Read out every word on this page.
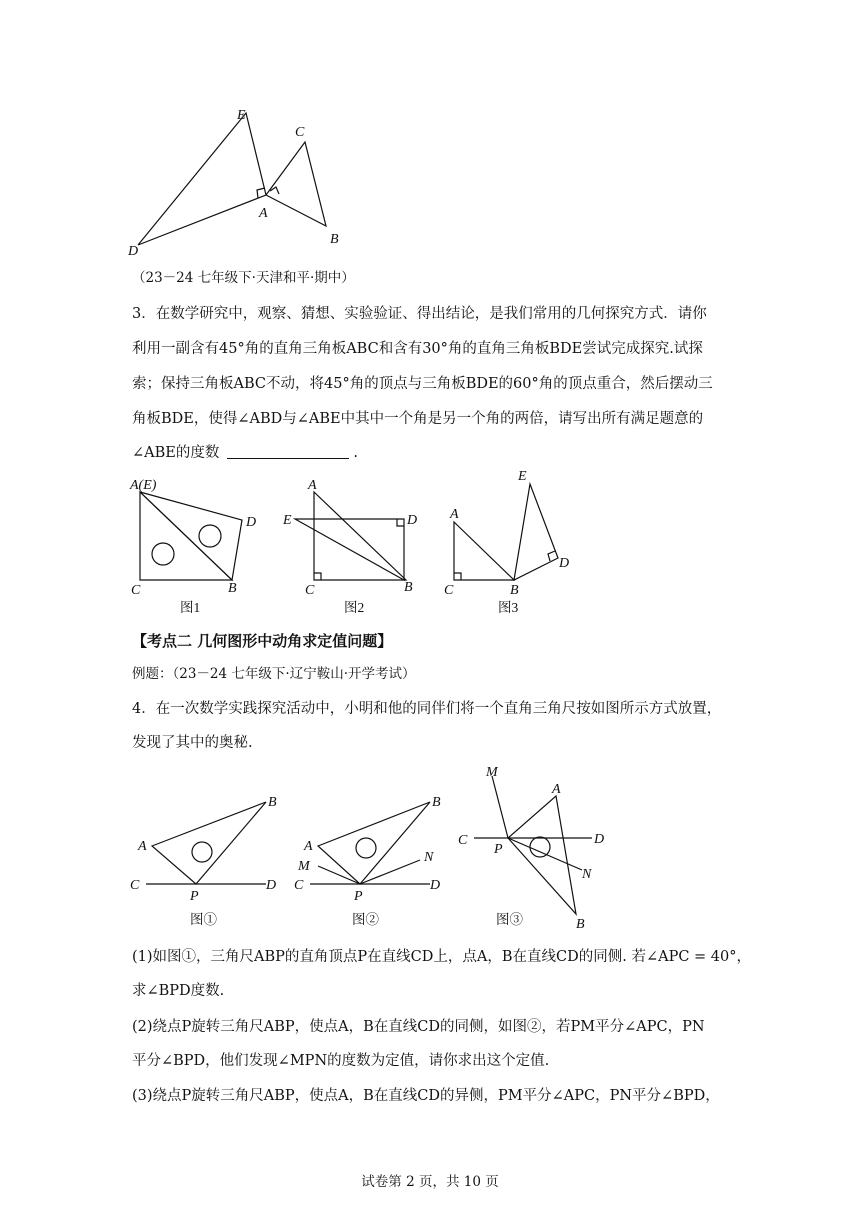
E
C
A
D
B
（23－24 七年级下·天津和平·期中）
3．在数学研究中，观察、猜想、实验验证、得出结论，是我们常用的几何探究方式．请你
利用一副含有45°角的直角三角板ABC和含有30°角的直角三角板BDE尝试完成探究.试探
索；保持三角板ABC不动，将45°角的顶点与三角板BDE的60°角的顶点重合，然后摆动三
角板BDE，使得∠ABD与∠ABE中其中一个角是另一个角的两倍，请写出所有满足题意的
∠ABE的度数	.
A(E)
D
C	B
图1
A
E	D
C	B
图2
E
A
D
C	B
图3
【考点二 几何图形中动角求定值问题】
例题：（23－24 七年级下·辽宁鞍山·开学考试）
4．在一次数学实践探究活动中，小明和他的同伴们将一个直角三角尺按如图所示方式放置，
发现了其中的奥秘.
B
A
C
P
D
图①
B
A
M
N
C
P
D
图②
M
A
C
P
D
N
B
图③
(1)如图①，三角尺ABP的直角顶点P在直线CD上，点A，B在直线CD的同侧. 若∠APC = 40°，
求∠BPD度数.
(2)绕点P旋转三角尺ABP，使点A，B在直线CD的同侧，如图②，若PM平分∠APC，PN
平分∠BPD，他们发现∠MPN的度数为定值，请你求出这个定值.
(3)绕点P旋转三角尺ABP，使点A，B在直线CD的异侧，PM平分∠APC，PN平分∠BPD，
试卷第 2 页，共 10 页
